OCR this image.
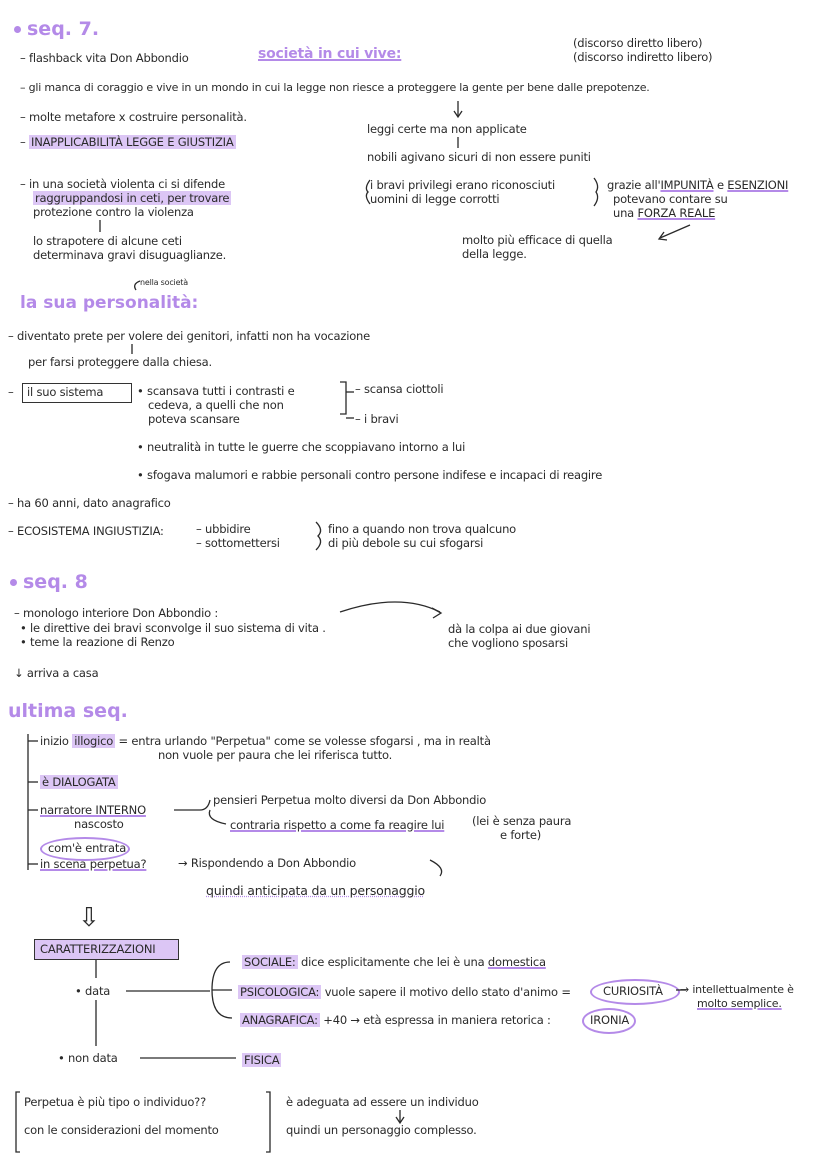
seq. 7.
– flashback vita Don Abbondio	società in cui vive:
(discorso diretto libero)
(discorso indiretto libero)
– gli manca di coraggio e vive in un mondo in cui la legge non riesce a proteggere la gente per bene dalle prepotenze.
– molte metafore x costruire personalità.
– INAPPLICABILITÀ LEGGE E GIUSTIZIA
leggi certe ma non applicate
nobili agivano sicuri di non essere puniti
i bravi privilegi erano riconosciuti
uomini di legge corrotti
grazie all'IMPUNITÀ e ESENZIONI
potevano contare su
una FORZA REALE
– in una società violenta ci si difende
raggruppandosi in ceti, per trovare
protezione contro la violenza
lo strapotere di alcune ceti
determinava gravi disuguaglianze.
molto più efficace di quella
della legge.
nella società
la sua personalità:
– diventato prete per volere dei genitori, infatti non ha vocazione
per farsi proteggere dalla chiesa.
– il suo sistema	• scansava tutti i contrasti e
cedeva, a quelli che non
poteva scansare
– scansa ciottoli
– i bravi
• neutralità in tutte le guerre che scoppiavano intorno a lui
• sfogava malumori e rabbie personali contro persone indifese e incapaci di reagire
– ha 60 anni, dato anagrafico
– ECOSISTEMA INGIUSTIZIA:	– ubbidire
– sottomettersi
fino a quando non trova qualcuno
di più debole su cui sfogarsi
seq. 8
– monologo interiore Don Abbondio :
• le direttive dei bravi sconvolge il suo sistema di vita .
• teme la reazione di Renzo
dà la colpa ai due giovani
che vogliono sposarsi
↓ arriva a casa
ultima seq.
inizio illogico = entra urlando "Perpetua" come se volesse sfogarsi , ma in realtà
non vuole per paura che lei riferisca tutto.
è DIALOGATA
narratore INTERNO
nascosto
pensieri Perpetua molto diversi da Don Abbondio
contraria rispetto a come fa reagire lui (lei è senza paura
e forte)
com'è entrata
in scena perpetua?	→ Rispondendo a Don Abbondio
quindi anticipata da un personaggio
⇩
CARATTERIZZAZIONI
• data
• non data
SOCIALE: dice esplicitamente che lei è una domestica
PSICOLOGICA: vuole sapere il motivo dello stato d'animo =	CURIOSITÀ → intellettualmente è
molto semplice.
ANAGRAFICA: +40 → età espressa in maniera retorica :	IRONIA
FISICA
Perpetua è più tipo o individuo??
con le considerazioni del momento
è adeguata ad essere un individuo
quindi un personaggio complesso.
